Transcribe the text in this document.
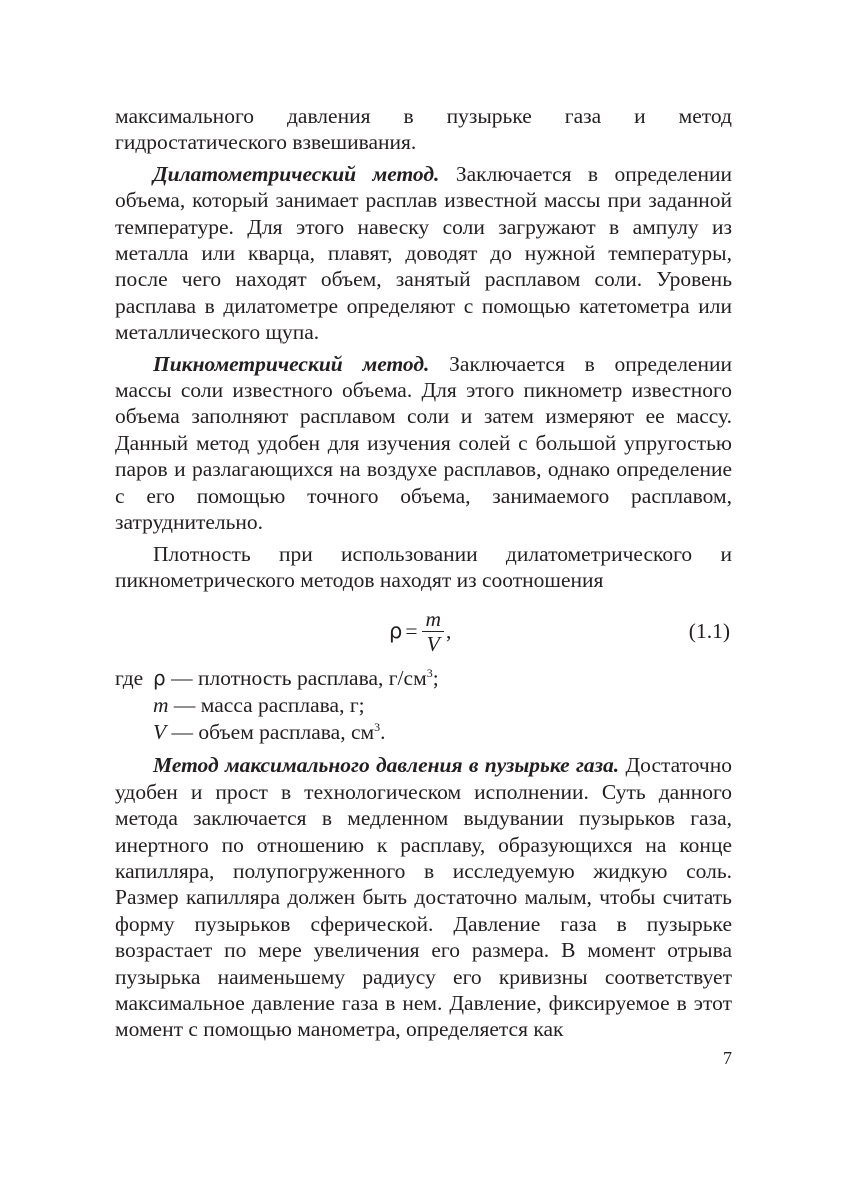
максимального давления в пузырьке газа и метод гидростатического взвешивания.

Дилатометрический метод. Заключается в определении объема, который занимает расплав известной массы при заданной температуре. Для этого навеску соли загружают в ампулу из металла или кварца, плавят, доводят до нужной температуры, после чего находят объем, занятый расплавом соли. Уровень расплава в дилатометре определяют с помощью катетометра или металлического щупа.

Пикнометрический метод. Заключается в определении массы соли известного объема. Для этого пикнометр известного объема заполняют расплавом соли и затем измеряют ее массу. Данный метод удобен для изучения солей с большой упругостью паров и разлагающихся на воздухе расплавов, однако определение с его помощью точного объема, занимаемого расплавом, затруднительно.

Плотность при использовании дилатометрического и пикнометрического методов находят из соотношения

$\rho = \frac{m}{V}$ ,	(1.1)
где ρ — плотность расплава, $г/см^3$;
m — масса расплава, г;
V — объем расплава, $см^3$.

Метод максимального давления в пузырьке газа. Достаточно удобен и прост в технологическом исполнении. Суть данного метода заключается в медленном выдувании пузырьков газа, инертного по отношению к расплаву, образующихся на конце капилляра, полупогруженного в исследуемую жидкую соль. Размер капилляра должен быть достаточно малым, чтобы считать форму пузырьков сферической. Давление газа в пузырьке возрастает по мере увеличения его размера. В момент отрыва пузырька наименьшему радиусу его кривизны соответствует максимальное давление газа в нем. Давление, фиксируемое в этот момент с помощью манометра, определяется как

7
